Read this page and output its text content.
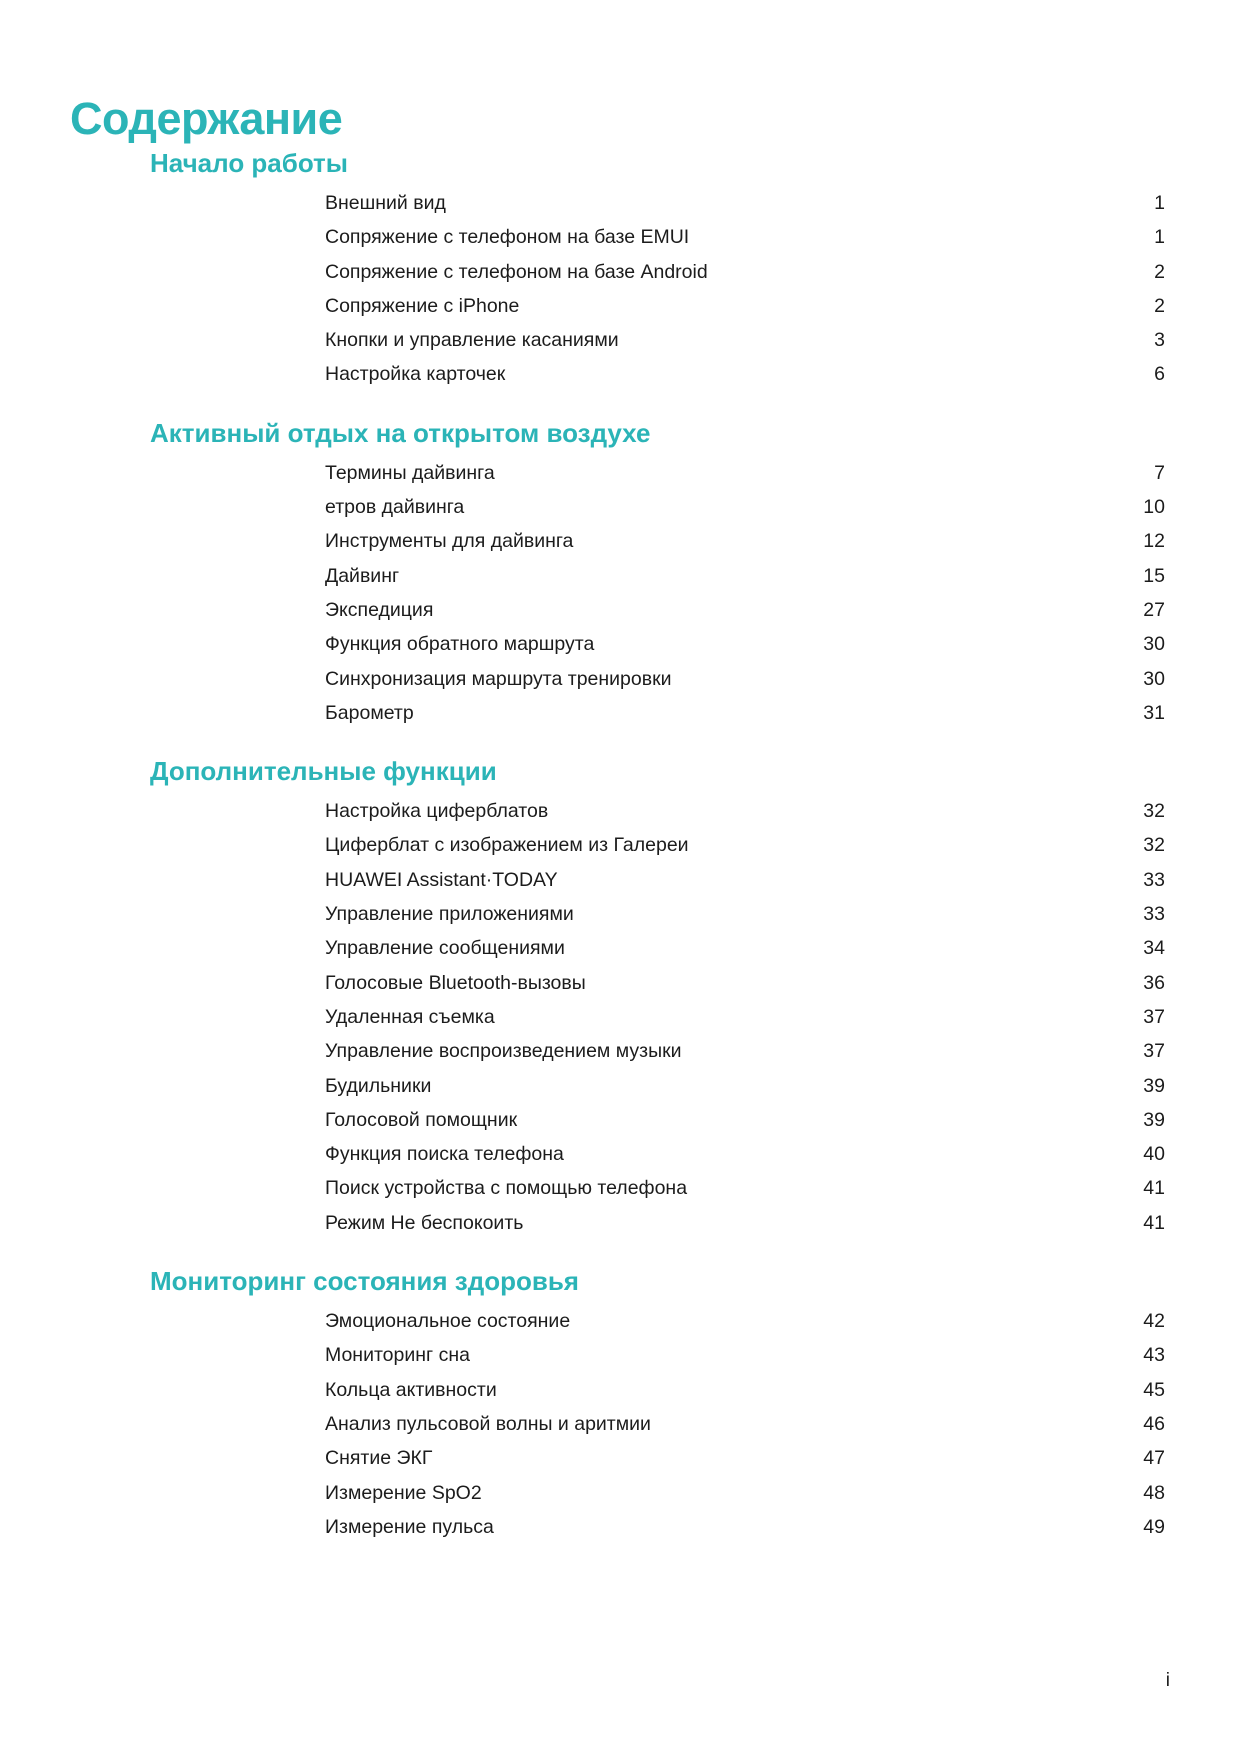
Содержание
Начало работы
Внешний вид	1
Сопряжение с телефоном на базе EMUI	1
Сопряжение с телефоном на базе Android	2
Сопряжение с iPhone	2
Кнопки и управление касаниями	3
Настройка карточек	6
Активный отдых на открытом воздухе
Термины дайвинга	7
етров дайвинга	10
Инструменты для дайвинга	12
Дайвинг	15
Экспедиция	27
Функция обратного маршрута	30
Синхронизация маршрута тренировки	30
Барометр	31
Дополнительные функции
Настройка циферблатов	32
Циферблат с изображением из Галереи	32
HUAWEI Assistant·TODAY	33
Управление приложениями	33
Управление сообщениями	34
Голосовые Bluetooth-вызовы	36
Удаленная съемка	37
Управление воспроизведением музыки	37
Будильники	39
Голосовой помощник	39
Функция поиска телефона	40
Поиск устройства с помощью телефона	41
Режим Не беспокоить	41
Мониторинг состояния здоровья
Эмоциональное состояние	42
Мониторинг сна	43
Кольца активности	45
Анализ пульсовой волны и аритмии	46
Снятие ЭКГ	47
Измерение SpO2	48
Измерение пульса	49
i
